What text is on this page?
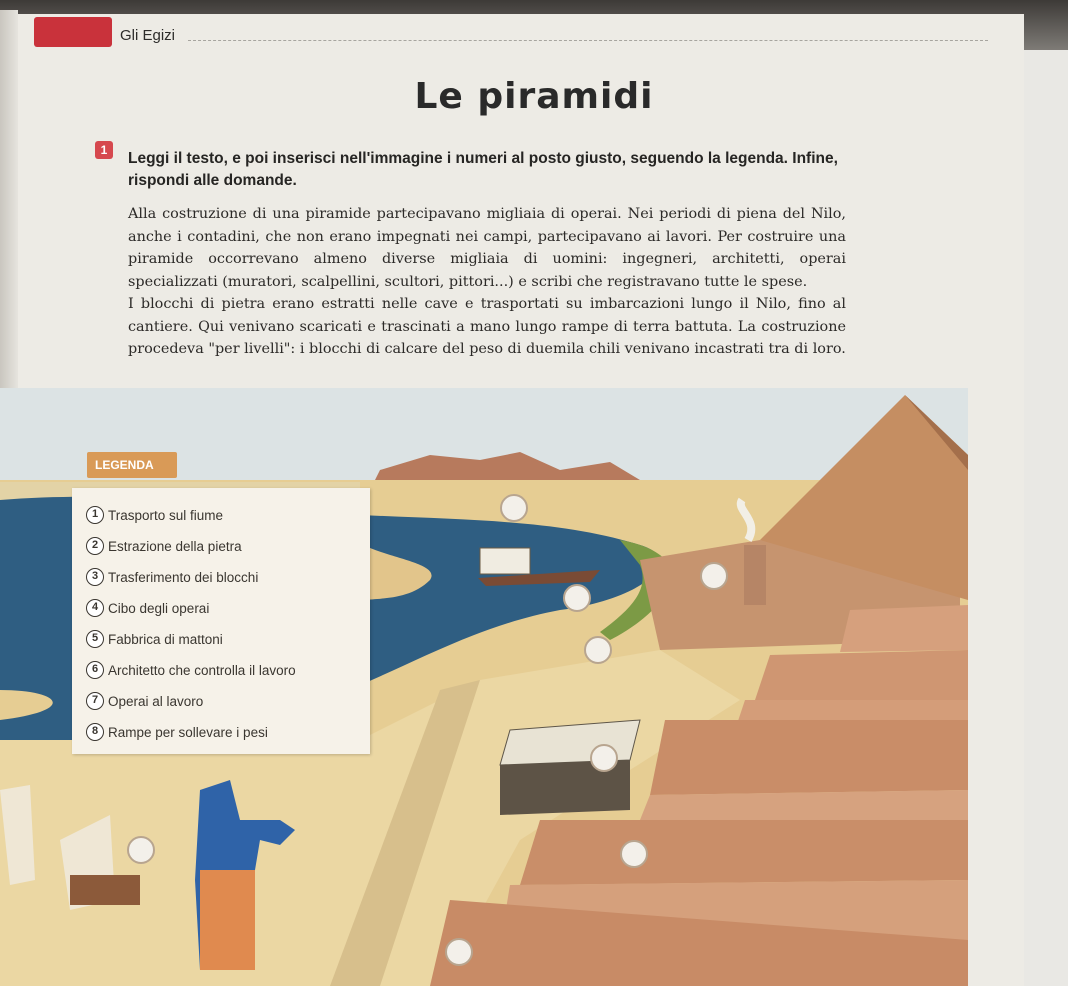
Gli Egizi
Le piramidi
1	Leggi il testo, e poi inserisci nell'immagine i numeri al posto giusto, seguendo la legenda. Infine, rispondi alle domande.

Alla costruzione di una piramide partecipavano migliaia di operai. Nei periodi di piena del Nilo, anche i contadini, che non erano impegnati nei campi, partecipavano ai lavori. Per costruire una piramide occorrevano almeno diverse migliaia di uomini: ingegneri, architetti, operai specializzati (muratori, scalpellini, scultori, pittori...) e scribi che registravano tutte le spese.

I blocchi di pietra erano estratti nelle cave e trasportati su imbarcazioni lungo il Nilo, fino al cantiere. Qui venivano scaricati e trascinati a mano lungo rampe di terra battuta. La costruzione procedeva "per livelli": i blocchi di calcare del peso di duemila chili venivano incastrati tra di loro.

LEGENDA
1 Trasporto sul fiume
2 Estrazione della pietra
3 Trasferimento dei blocchi
4 Cibo degli operai
5 Fabbrica di mattoni
6 Architetto che controlla il lavoro
7 Operai al lavoro
8 Rampe per sollevare i pesi
